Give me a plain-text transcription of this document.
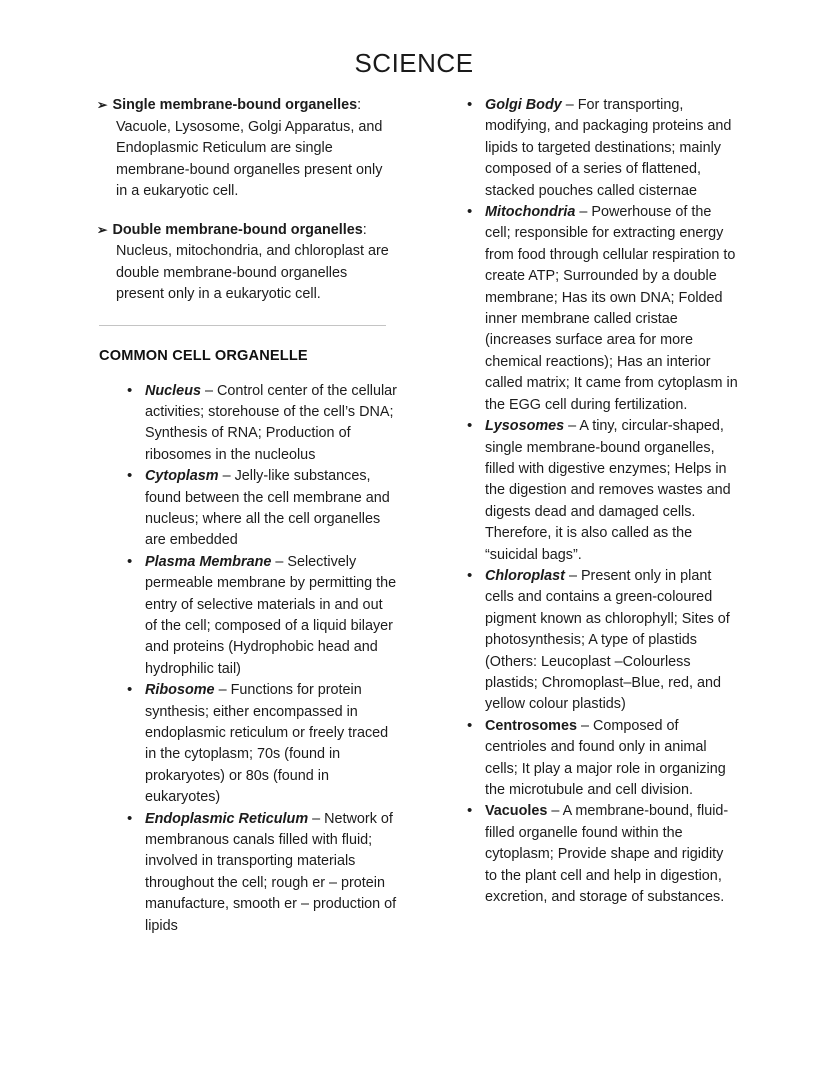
SCIENCE

➢ Single membrane-bound organelles: Vacuole, Lysosome, Golgi Apparatus, and Endoplasmic Reticulum are single membrane-bound organelles present only in a eukaryotic cell.

➢ Double membrane-bound organelles: Nucleus, mitochondria, and chloroplast are double membrane-bound organelles present only in a eukaryotic cell.

COMMON CELL ORGANELLE
• Nucleus – Control center of the cellular activities; storehouse of the cell’s DNA; Synthesis of RNA; Production of ribosomes in the nucleolus
• Cytoplasm – Jelly-like substances, found between the cell membrane and nucleus; where all the cell organelles are embedded
• Plasma Membrane – Selectively permeable membrane by permitting the entry of selective materials in and out of the cell; composed of a liquid bilayer and proteins (Hydrophobic head and hydrophilic tail)
• Ribosome – Functions for protein synthesis; either encompassed in endoplasmic reticulum or freely traced in the cytoplasm; 70s (found in prokaryotes) or 80s (found in eukaryotes)
• Endoplasmic Reticulum – Network of membranous canals filled with fluid; involved in transporting materials throughout the cell; rough er – protein manufacture, smooth er – production of lipids
• Golgi Body – For transporting, modifying, and packaging proteins and lipids to targeted destinations; mainly composed of a series of flattened, stacked pouches called cisternae
• Mitochondria – Powerhouse of the cell; responsible for extracting energy from food through cellular respiration to create ATP; Surrounded by a double membrane; Has its own DNA; Folded inner membrane called cristae (increases surface area for more chemical reactions); Has an interior called matrix; It came from cytoplasm in the EGG cell during fertilization.
• Lysosomes – A tiny, circular-shaped, single membrane-bound organelles, filled with digestive enzymes; Helps in the digestion and removes wastes and digests dead and damaged cells. Therefore, it is also called as the “suicidal bags”.
• Chloroplast – Present only in plant cells and contains a green-coloured pigment known as chlorophyll; Sites of photosynthesis; A type of plastids (Others: Leucoplast –Colourless plastids; Chromoplast–Blue, red, and yellow colour plastids)
• Centrosomes – Composed of centrioles and found only in animal cells; It play a major role in organizing the microtubule and cell division.
• Vacuoles – A membrane-bound, fluid-filled organelle found within the cytoplasm; Provide shape and rigidity to the plant cell and help in digestion, excretion, and storage of substances.
